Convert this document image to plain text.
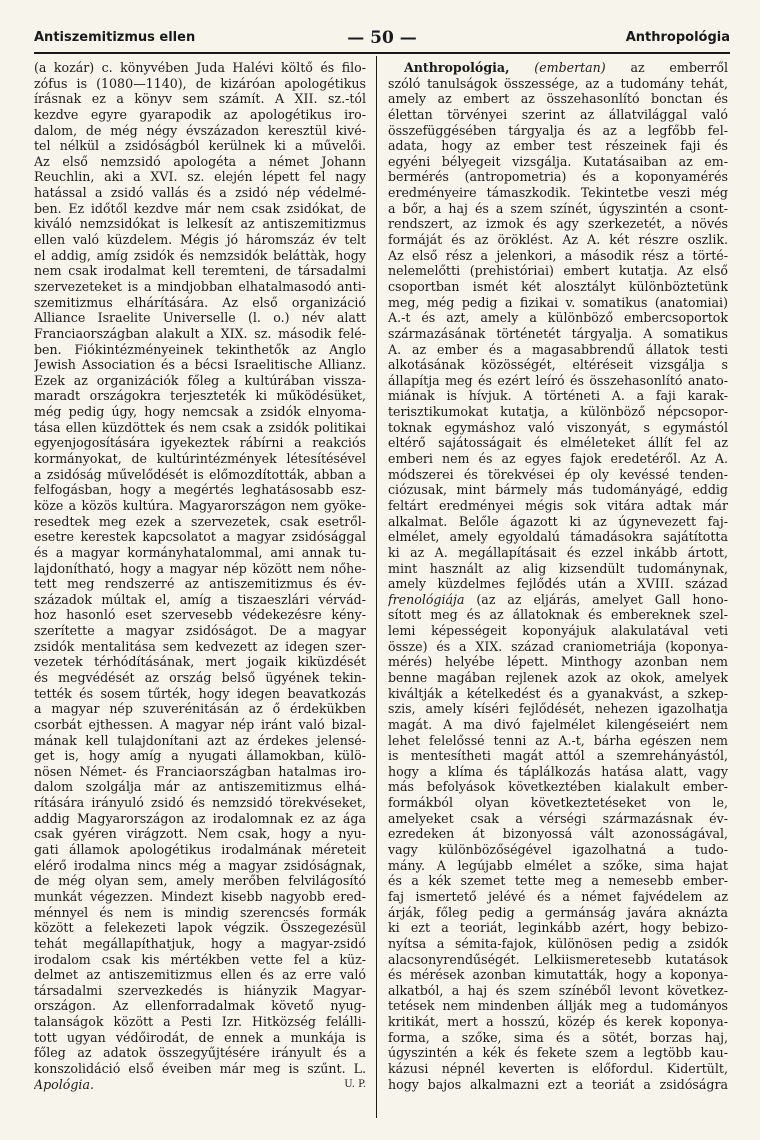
Antiszemitizmus ellen	— 50 —	Anthropológia
(a kozár) c. könyvében Juda Halévi költő és filo-
zófus is (1080—1140), de kizáróan apologétikus
írásnak ez a könyv sem számít. A XII. sz.-tól
kezdve egyre gyarapodik az apologétikus iro-
dalom, de még négy évszázadon keresztül kivé-
tel nélkül a zsidóságból kerülnek ki a művelői.
Az első nemzsidó apologéta a német Johann
Reuchlin, aki a XVI. sz. elején lépett fel nagy
hatással a zsidó vallás és a zsidó nép védelmé-
ben. Ez időtől kezdve már nem csak zsidókat, de
kiváló nemzsidókat is lelkesít az antiszemitizmus
ellen való küzdelem. Mégis jó háromszáz év telt
el addig, amíg zsidók és nemzsidók beláttàk, hogy
nem csak irodalmat kell teremteni, de társadalmi
szervezeteket is a mindjobban elhatalmasodó anti-
szemitizmus elhárítására. Az első organizáció
Alliance Israelite Universelle (l. o.) név alatt
Franciaországban alakult a XIX. sz. második felé-
ben. Fiókintézményeinek tekinthetők az Anglo
Jewish Association és a bécsi Israelitische Allianz.
Ezek az organizációk főleg a kultúrában vissza-
maradt országokra terjeszteték ki működésüket,
még pedig úgy, hogy nemcsak a zsidók elnyoma-
tása ellen küzdöttek és nem csak a zsidók politikai
egyenjogosítására igyekeztek rábírni a reakciós
kormányokat, de kultúrintézmények létesítésével
a zsidóság művelődését is előmozdították, abban a
felfogásban, hogy a megértés leghatásosabb esz-
köze a közös kultúra. Magyarországon nem gyöke-
resedtek meg ezek a szervezetek, csak esetről-
esetre kerestek kapcsolatot a magyar zsidósággal
és a magyar kormányhatalommal, ami annak tu-
lajdonítható, hogy a magyar nép között nem nőhe-
tett meg rendszerré az antiszemitizmus és év-
századok múltak el, amíg a tiszaeszlári vérvád-
hoz hasonló eset szervesebb védekezésre kény-
szerítette a magyar zsidóságot. De a magyar
zsidók mentalitása sem kedvezett az idegen szer-
vezetek térhódításának, mert jogaik kiküzdését
és megvédését az ország belső ügyének tekin-
tették és sosem tűrték, hogy idegen beavatkozás
a magyar nép szuverénitásán az ő érdekükben
csorbát ejthessen. A magyar nép iránt való bizal-
mának kell tulajdonítani azt az érdekes jelensé-
get is, hogy amíg a nyugati államokban, külö-
nösen Német- és Franciaországban hatalmas iro-
dalom szolgálja már az antiszemitizmus elhá-
rítására irányuló zsidó és nemzsidó törekvéseket,
addig Magyarországon az irodalomnak ez az ága
csak gyéren virágzott. Nem csak, hogy a nyu-
gati államok apologétikus irodalmának méreteit
elérő irodalma nincs még a magyar zsidóságnak,
de még olyan sem, amely merőben felvilágosító
munkát végezzen. Mindezt kisebb nagyobb ered-
ménnyel és nem is mindig szerencsés formák
között a felekezeti lapok végzik. Összegezésül
tehát megállapíthatjuk, hogy a magyar-zsidó
irodalom csak kis mértékben vette fel a küz-
delmet az antiszemitizmus ellen és az erre való
társadalmi szervezkedés is hiányzik Magyar-
országon. Az ellenforradalmak követő nyug-
talanságok között a Pesti Izr. Hitközség felálli-
tott ugyan védőirodát, de ennek a munkája is
főleg az adatok összegyűjtésére irányult és a
konszolidáció első éveiben már meg is szűnt. L.
Apológia.	U. P.
Anthropológia, (embertan) az emberről
szóló tanulságok összessége, az a tudomány tehát,
amely az embert az összehasonlító bonctan és
élettan törvényei szerint az állatvilággal való
összefüggésében tárgyalja és az a legfőbb fel-
adata, hogy az ember test részeinek faji és
egyéni bélyegeit vizsgálja. Kutatásaiban az em-
bermérés (antropometria) és a koponyamérés
eredményeire támaszkodik. Tekintetbe veszi még
a bőr, a haj és a szem színét, úgyszintén a csont-
rendszert, az izmok és agy szerkezetét, a növés
formáját és az öröklést. Az A. két részre oszlik.
Az első rész a jelenkori, a második rész a törté-
nelemelőtti (prehistóriai) embert kutatja. Az első
csoportban ismét két alosztályt különböztetünk
meg, még pedig a fizikai v. somatikus (anatomiai)
A.-t és azt, amely a különböző embercsoportok
származásának történetét tárgyalja. A somatikus
A. az ember és a magasabbrendű állatok testi
alkotásának közösségét, eltéréseit vizsgálja s
állapítja meg és ezért leíró és összehasonlító anato-
miának is hívjuk. A történeti A. a faji karak-
terisztikumokat kutatja, a különböző népcsopor-
toknak egymáshoz való viszonyát, s egymástól
eltérő sajátosságait és elméleteket állít fel az
emberi nem és az egyes fajok eredetéről. Az A.
módszerei és törekvései ép oly kevéssé tenden-
ciózusak, mint bármely más tudományágé, eddig
feltárt eredményei mégis sok vitára adtak már
alkalmat. Belőle ágazott ki az úgynevezett faj-
elmélet, amely egyoldalú támadásokra sajátította
ki az A. megállapításait és ezzel inkább ártott,
mint használt az alig kizsendült tudománynak,
amely küzdelmes fejlődés után a XVIII. század
frenológiája (az az eljárás, amelyet Gall hono-
sított meg és az állatoknak és embereknek szel-
lemi képességeit koponyájuk alakulatával veti
össze) és a XIX. század craniometriája (koponya-
mérés) helyébe lépett. Minthogy azonban nem
benne magában rejlenek azok az okok, amelyek
kiváltják a kételkedést és a gyanakvást, a szkep-
szis, amely kíséri fejlődését, nehezen igazolhatja
magát. A ma divó fajelmélet kilengéseiért nem
lehet felelőssé tenni az A.-t, bárha egészen nem
is mentesítheti magát attól a szemrehányástól,
hogy a klíma és táplálkozás hatása alatt, vagy
más befolyások következtében kialakult ember-
formákból olyan következtetéseket von le,
amelyeket csak a vérségi származásnak év-
ezredeken át bizonyossá vált azonosságával,
vagy különbözőségével igazolhatná a tudo-
mány. A legújabb elmélet a szőke, sima hajat
és a kék szemet tette meg a nemesebb ember-
faj ismertető jelévé és a német fajvédelem az
árják, főleg pedig a germánság javára aknázta
ki ezt a teoriát, leginkább azért, hogy bebizo-
nyítsa a sémita-fajok, különösen pedig a zsidók
alacsonyrendűségét. Lelkiismeretesebb kutatások
és mérések azonban kimutatták, hogy a koponya-
alkatból, a haj és szem színéből levont következ-
tetések nem mindenben állják meg a tudományos
kritikát, mert a hosszú, közép és kerek koponya-
forma, a szőke, sima és a sötét, borzas haj,
úgyszintén a kék és fekete szem a legtöbb kau-
kázusi népnél keverten is előfordul. Kidertült,
hogy bajos alkalmazni ezt a teoriát a zsidóságra
